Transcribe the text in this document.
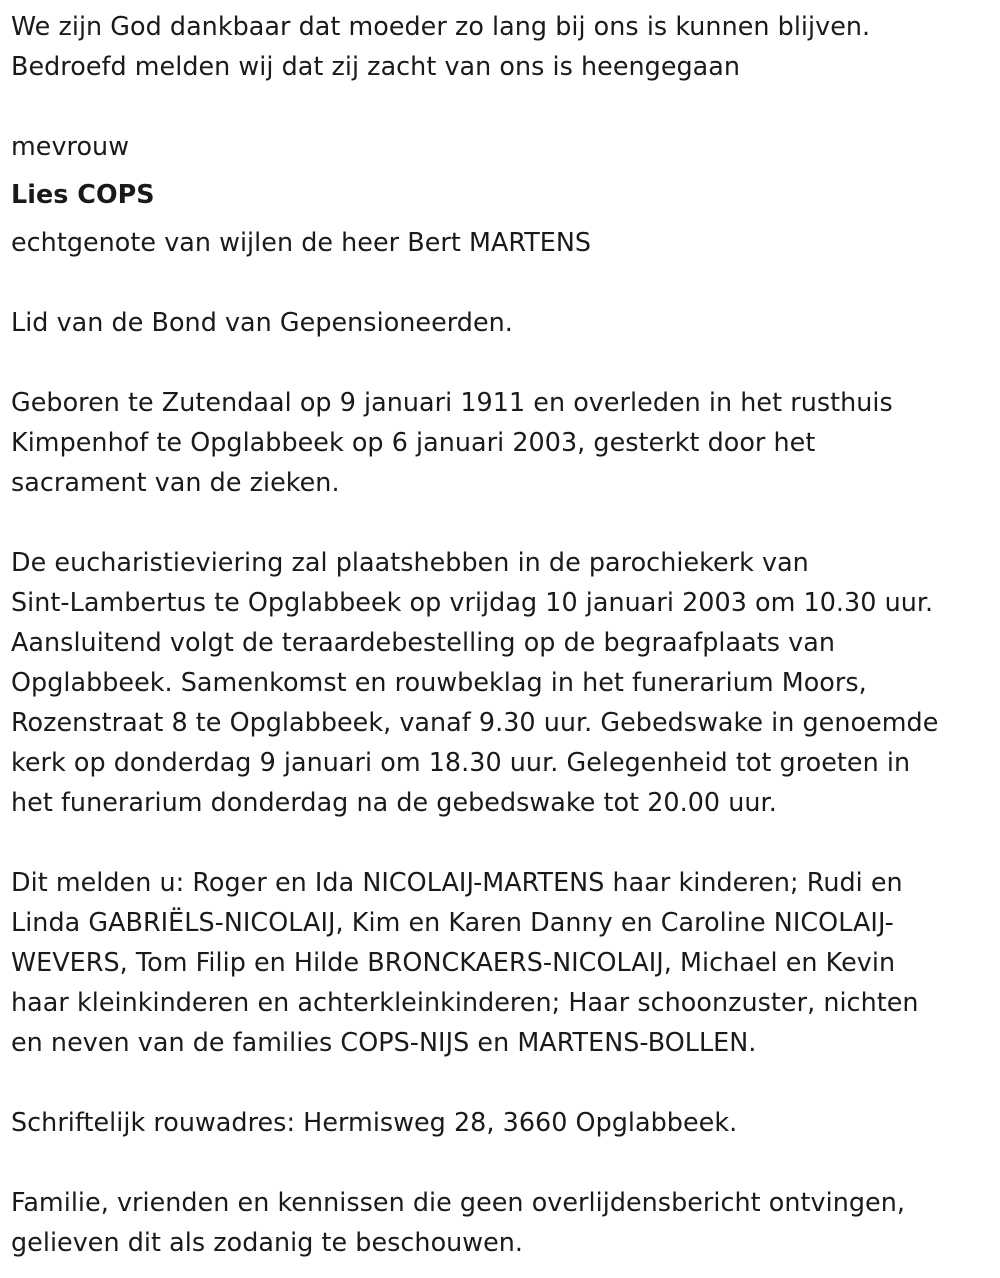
We zijn God dankbaar dat moeder zo lang bij ons is kunnen blijven.
Bedroefd melden wij dat zij zacht van ons is heengegaan
mevrouw
Lies COPS
echtgenote van wijlen de heer Bert MARTENS
Lid van de Bond van Gepensioneerden.
Geboren te Zutendaal op 9 januari 1911 en overleden in het rusthuis
Kimpenhof te Opglabbeek op 6 januari 2003, gesterkt door het
sacrament van de zieken.
De eucharistieviering zal plaatshebben in de parochiekerk van
Sint-Lambertus te Opglabbeek op vrijdag 10 januari 2003 om 10.30 uur.
Aansluitend volgt de teraardebestelling op de begraafplaats van
Opglabbeek. Samenkomst en rouwbeklag in het funerarium Moors,
Rozenstraat 8 te Opglabbeek, vanaf 9.30 uur. Gebedswake in genoemde
kerk op donderdag 9 januari om 18.30 uur. Gelegenheid tot groeten in
het funerarium donderdag na de gebedswake tot 20.00 uur.
Dit melden u: Roger en Ida NICOLAIJ-MARTENS haar kinderen; Rudi en
Linda GABRIËLS-NICOLAIJ, Kim en Karen Danny en Caroline NICOLAIJ-
WEVERS, Tom Filip en Hilde BRONCKAERS-NICOLAIJ, Michael en Kevin
haar kleinkinderen en achterkleinkinderen; Haar schoonzuster, nichten
en neven van de families COPS-NIJS en MARTENS-BOLLEN.
Schriftelijk rouwadres: Hermisweg 28, 3660 Opglabbeek.
Familie, vrienden en kennissen die geen overlijdensbericht ontvingen,
gelieven dit als zodanig te beschouwen.
